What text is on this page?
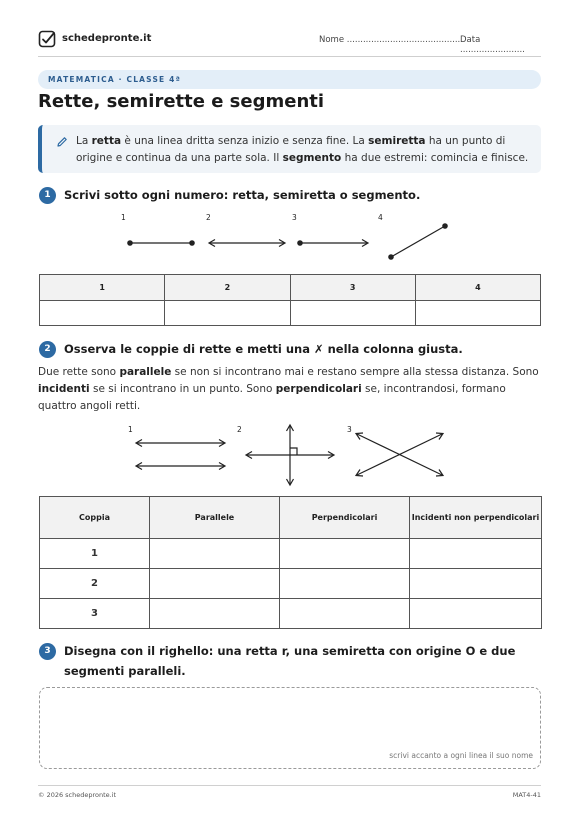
schedepronte.it	Nome .......................................... Data ........................
MATEMATICA · CLASSE 4ª
Rette, semirette e segmenti
La retta è una linea dritta senza inizio e senza fine. La semiretta ha un punto di origine e continua da una parte sola. Il segmento ha due estremi: comincia e finisce.
1	Scrivi sotto ogni numero: retta, semiretta o segmento.
1	2	3	4
1	2	3	4

2	Osserva le coppie di rette e metti una ✗ nella colonna giusta.
Due rette sono parallele se non si incontrano mai e restano sempre alla stessa distanza. Sono incidenti se si incontrano in un punto. Sono perpendicolari se, incontrandosi, formano quattro angoli retti.
1	2	3
Coppia	Parallele	Perpendicolari	Incidenti non perpendicolari
1			
2			
3			
3	Disegna con il righello: una retta r, una semiretta con origine O e due segmenti paralleli.
scrivi accanto a ogni linea il suo nome
© 2026 schedepronte.it	MAT4-41
